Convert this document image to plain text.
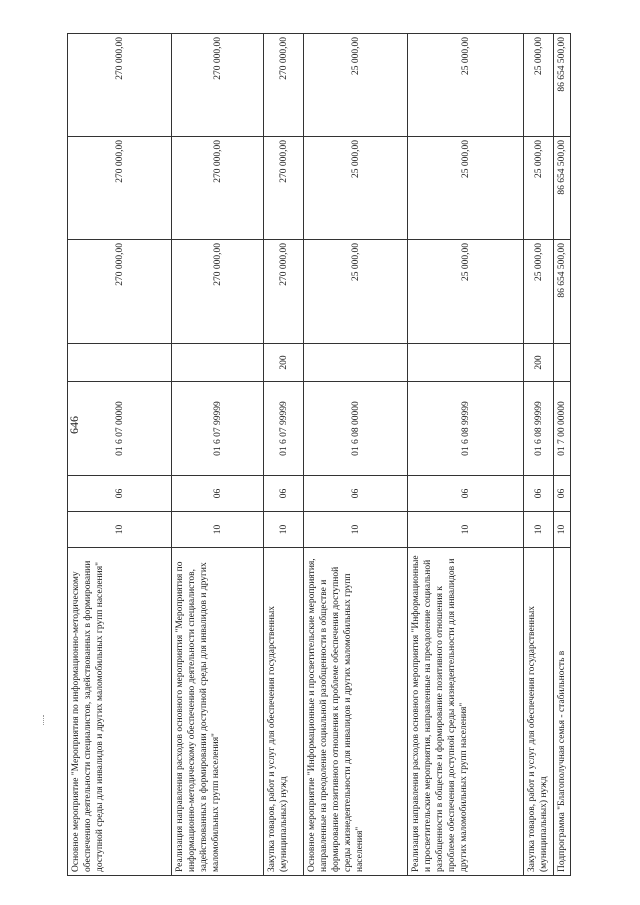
646
Основное мероприятие "Мероприятия по информационно-методическому обеспечению деятельности специалистов, задействованных в формировании доступной среды для инвалидов и других маломобильных групп населения"	10	06	01 6 07 00000		270 000,00	270 000,00	270 000,00
Реализация направления расходов основного мероприятия "Мероприятия по информационно-методическому обеспечению деятельности специалистов, задействованных в формировании доступной среды для инвалидов и других маломобильных групп населения"	10	06	01 6 07 99999		270 000,00	270 000,00	270 000,00
Закупка товаров, работ и услуг для обеспечения государственных (муниципальных) нужд	10	06	01 6 07 99999	200	270 000,00	270 000,00	270 000,00
Основное мероприятие "Информационные и просветительские мероприятия, направленные на преодоление социальной разобщенности в обществе и формирование позитивного отношения к проблеме обеспечения доступной среды жизнедеятельности для инвалидов и других маломобильных групп населения"	10	06	01 6 08 00000		25 000,00	25 000,00	25 000,00
Реализация направления расходов основного мероприятия "Информационные и просветительские мероприятия, направленные на преодоление социальной разобщенности в обществе и формирование позитивного отношения к проблеме обеспечения доступной среды жизнедеятельности для инвалидов и других маломобильных групп населения"	10	06	01 6 08 99999		25 000,00	25 000,00	25 000,00
Закупка товаров, работ и услуг для обеспечения государственных (муниципальных) нужд	10	06	01 6 08 99999	200	25 000,00	25 000,00	25 000,00
Подпрограмма "Благополучная семья - стабильность в	10	06	01 7 00 00000		86 654 500,00	86 654 500,00	86 654 500,00
